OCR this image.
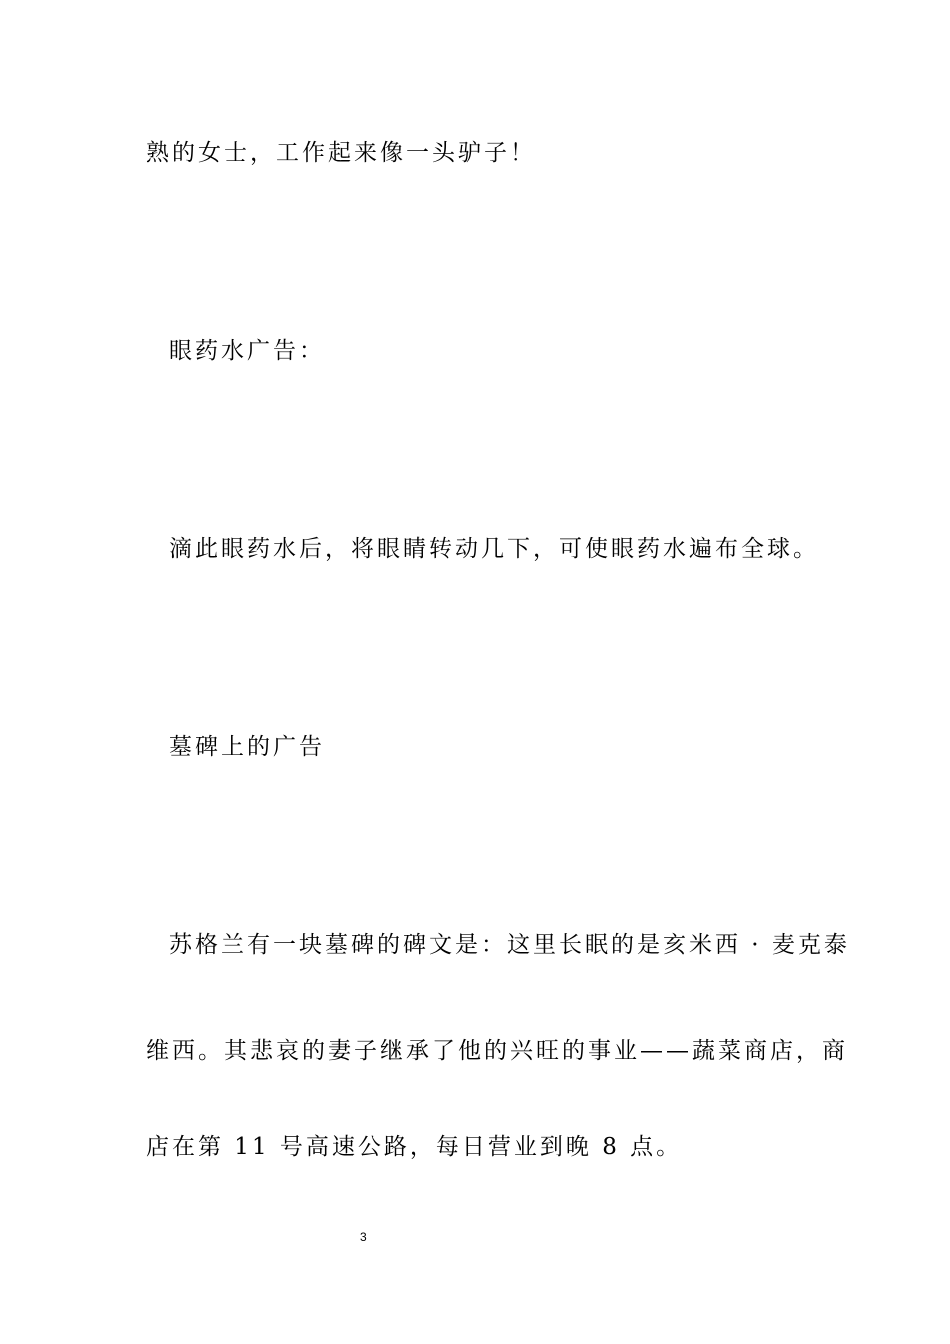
熟的女士，工作起来像一头驴子！
眼药水广告：
滴此眼药水后，将眼睛转动几下，可使眼药水遍布全球。
墓碑上的广告
苏格兰有一块墓碑的碑文是：这里长眠的是亥米西 · 麦克泰
维西。其悲哀的妻子继承了他的兴旺的事业——蔬菜商店，商
店在第 11 号高速公路，每日营业到晚 8 点。
3
